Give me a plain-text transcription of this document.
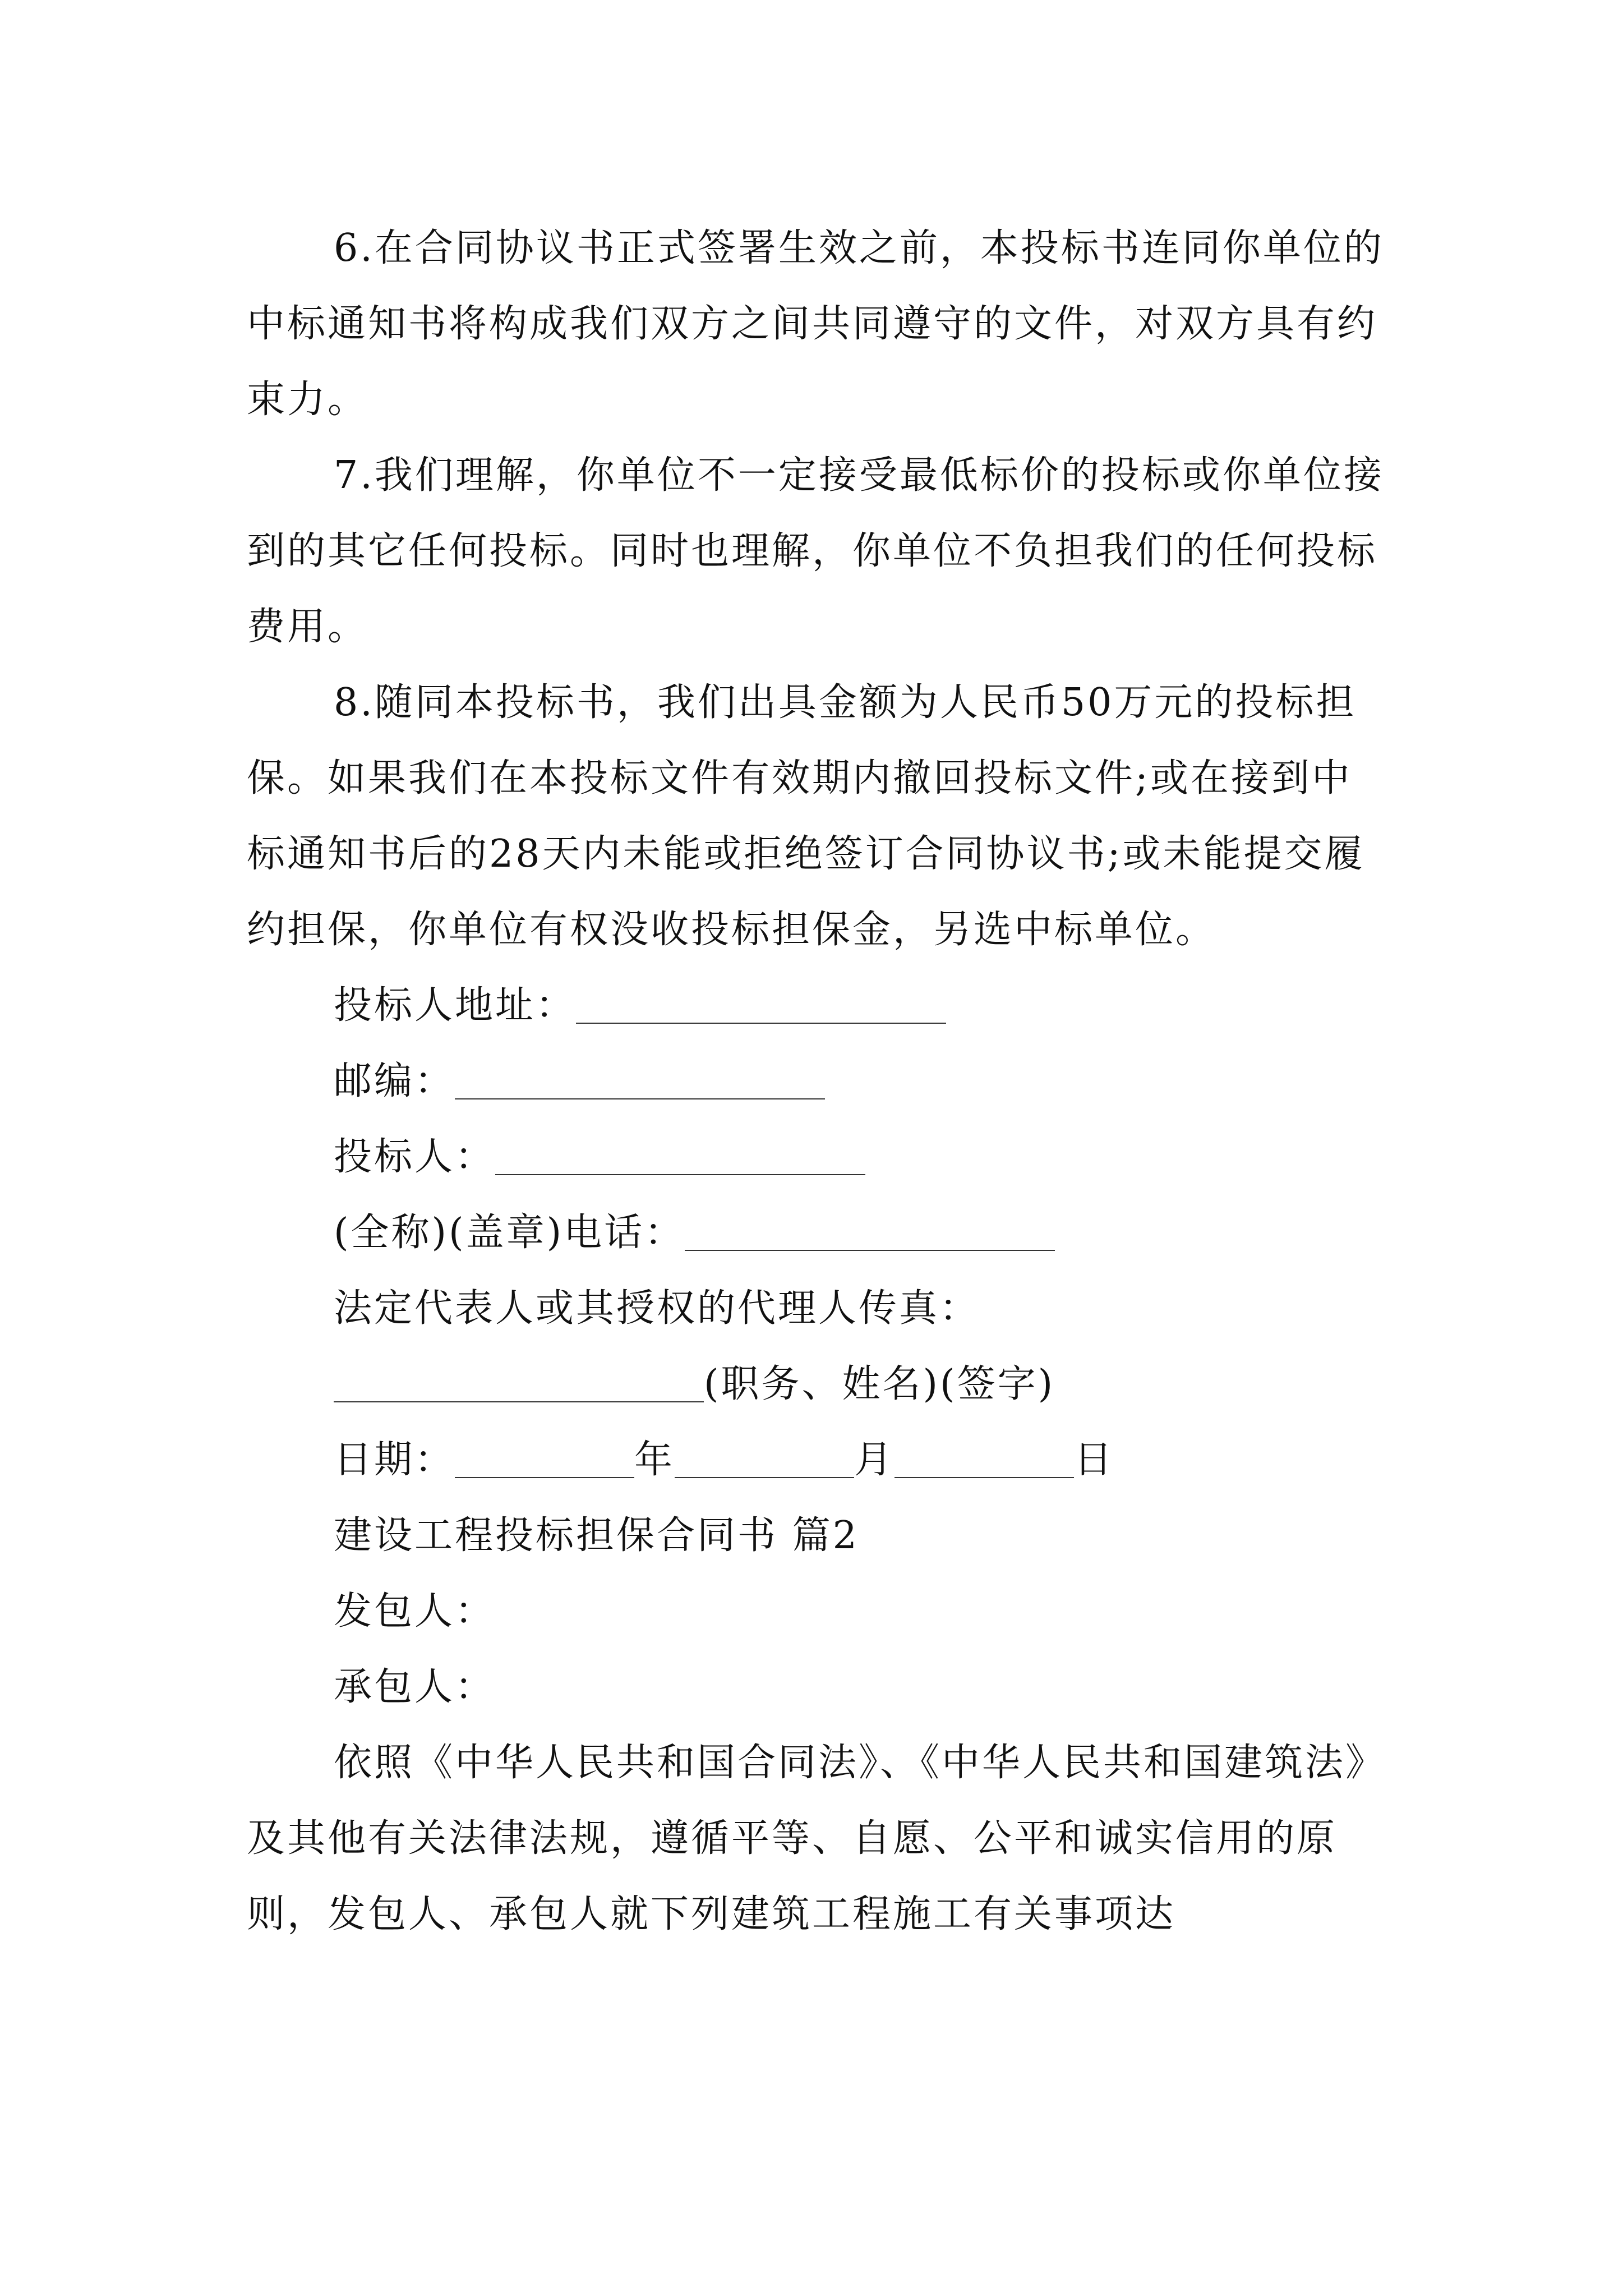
6.在合同协议书正式签署生效之前，本投标书连同你单位的中标通知书将构成我们双方之间共同遵守的文件，对双方具有约束力。

7.我们理解，你单位不一定接受最低标价的投标或你单位接到的其它任何投标。同时也理解，你单位不负担我们的任何投标费用。

8.随同本投标书，我们出具金额为人民币50万元的投标担保。如果我们在本投标文件有效期内撤回投标文件;或在接到中标通知书后的28天内未能或拒绝签订合同协议书;或未能提交履约担保，你单位有权没收投标担保金，另选中标单位。

投标人地址：
邮编：
投标人：
(全称)(盖章)电话：
法定代表人或其授权的代理人传真：
(职务、姓名)(签字)
日期：	年	月	日
建设工程投标担保合同书 篇2
发包人：
承包人：

依照《中华人民共和国合同法》、《中华人民共和国建筑法》及其他有关法律法规，遵循平等、自愿、公平和诚实信用的原则，发包人、承包人就下列建筑工程施工有关事项达
